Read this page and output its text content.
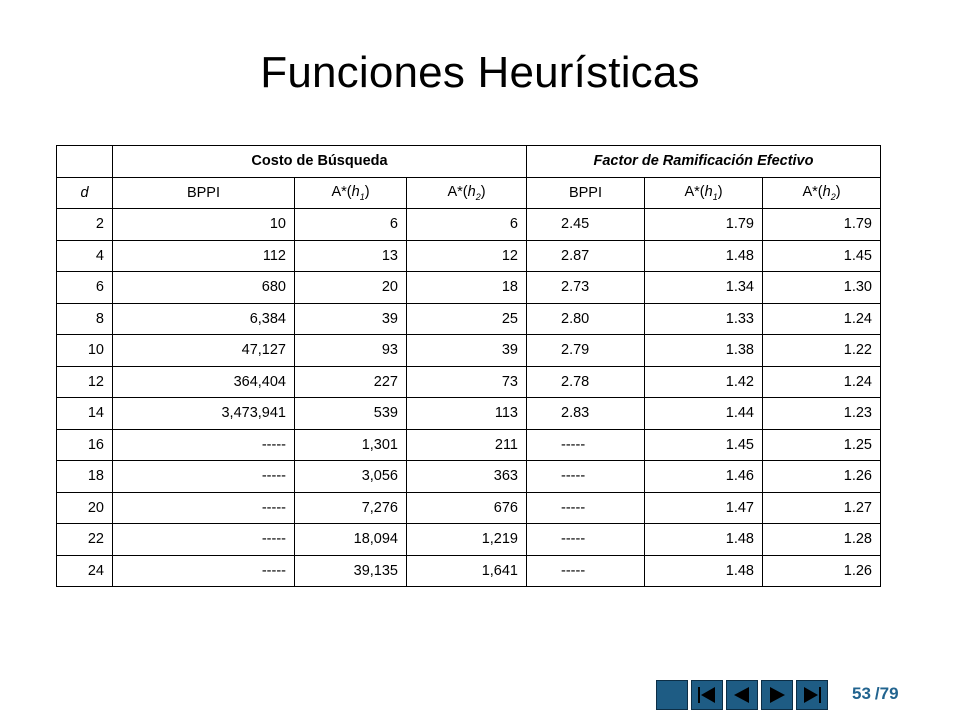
Funciones Heurísticas
	Costo de Búsqueda			Factor de Ramificación Efectivo		
d	BPPI	$A*(h_1)$	$A*(h_2)$	BPPI	$A*(h_1)$	$A*(h_2)$
2	10	6	6	2.45	1.79	1.79
4	112	13	12	2.87	1.48	1.45
6	680	20	18	2.73	1.34	1.30
8	6,384	39	25	2.80	1.33	1.24
10	47,127	93	39	2.79	1.38	1.22
12	364,404	227	73	2.78	1.42	1.24
14	3,473,941	539	113	2.83	1.44	1.23
16	-----	1,301	211	-----	1.45	1.25
18	-----	3,056	363	-----	1.46	1.26
20	-----	7,276	676	-----	1.47	1.27
22	-----	18,094	1,219	-----	1.48	1.28
24	-----	39,135	1,641	-----	1.48	1.26
53 /79
